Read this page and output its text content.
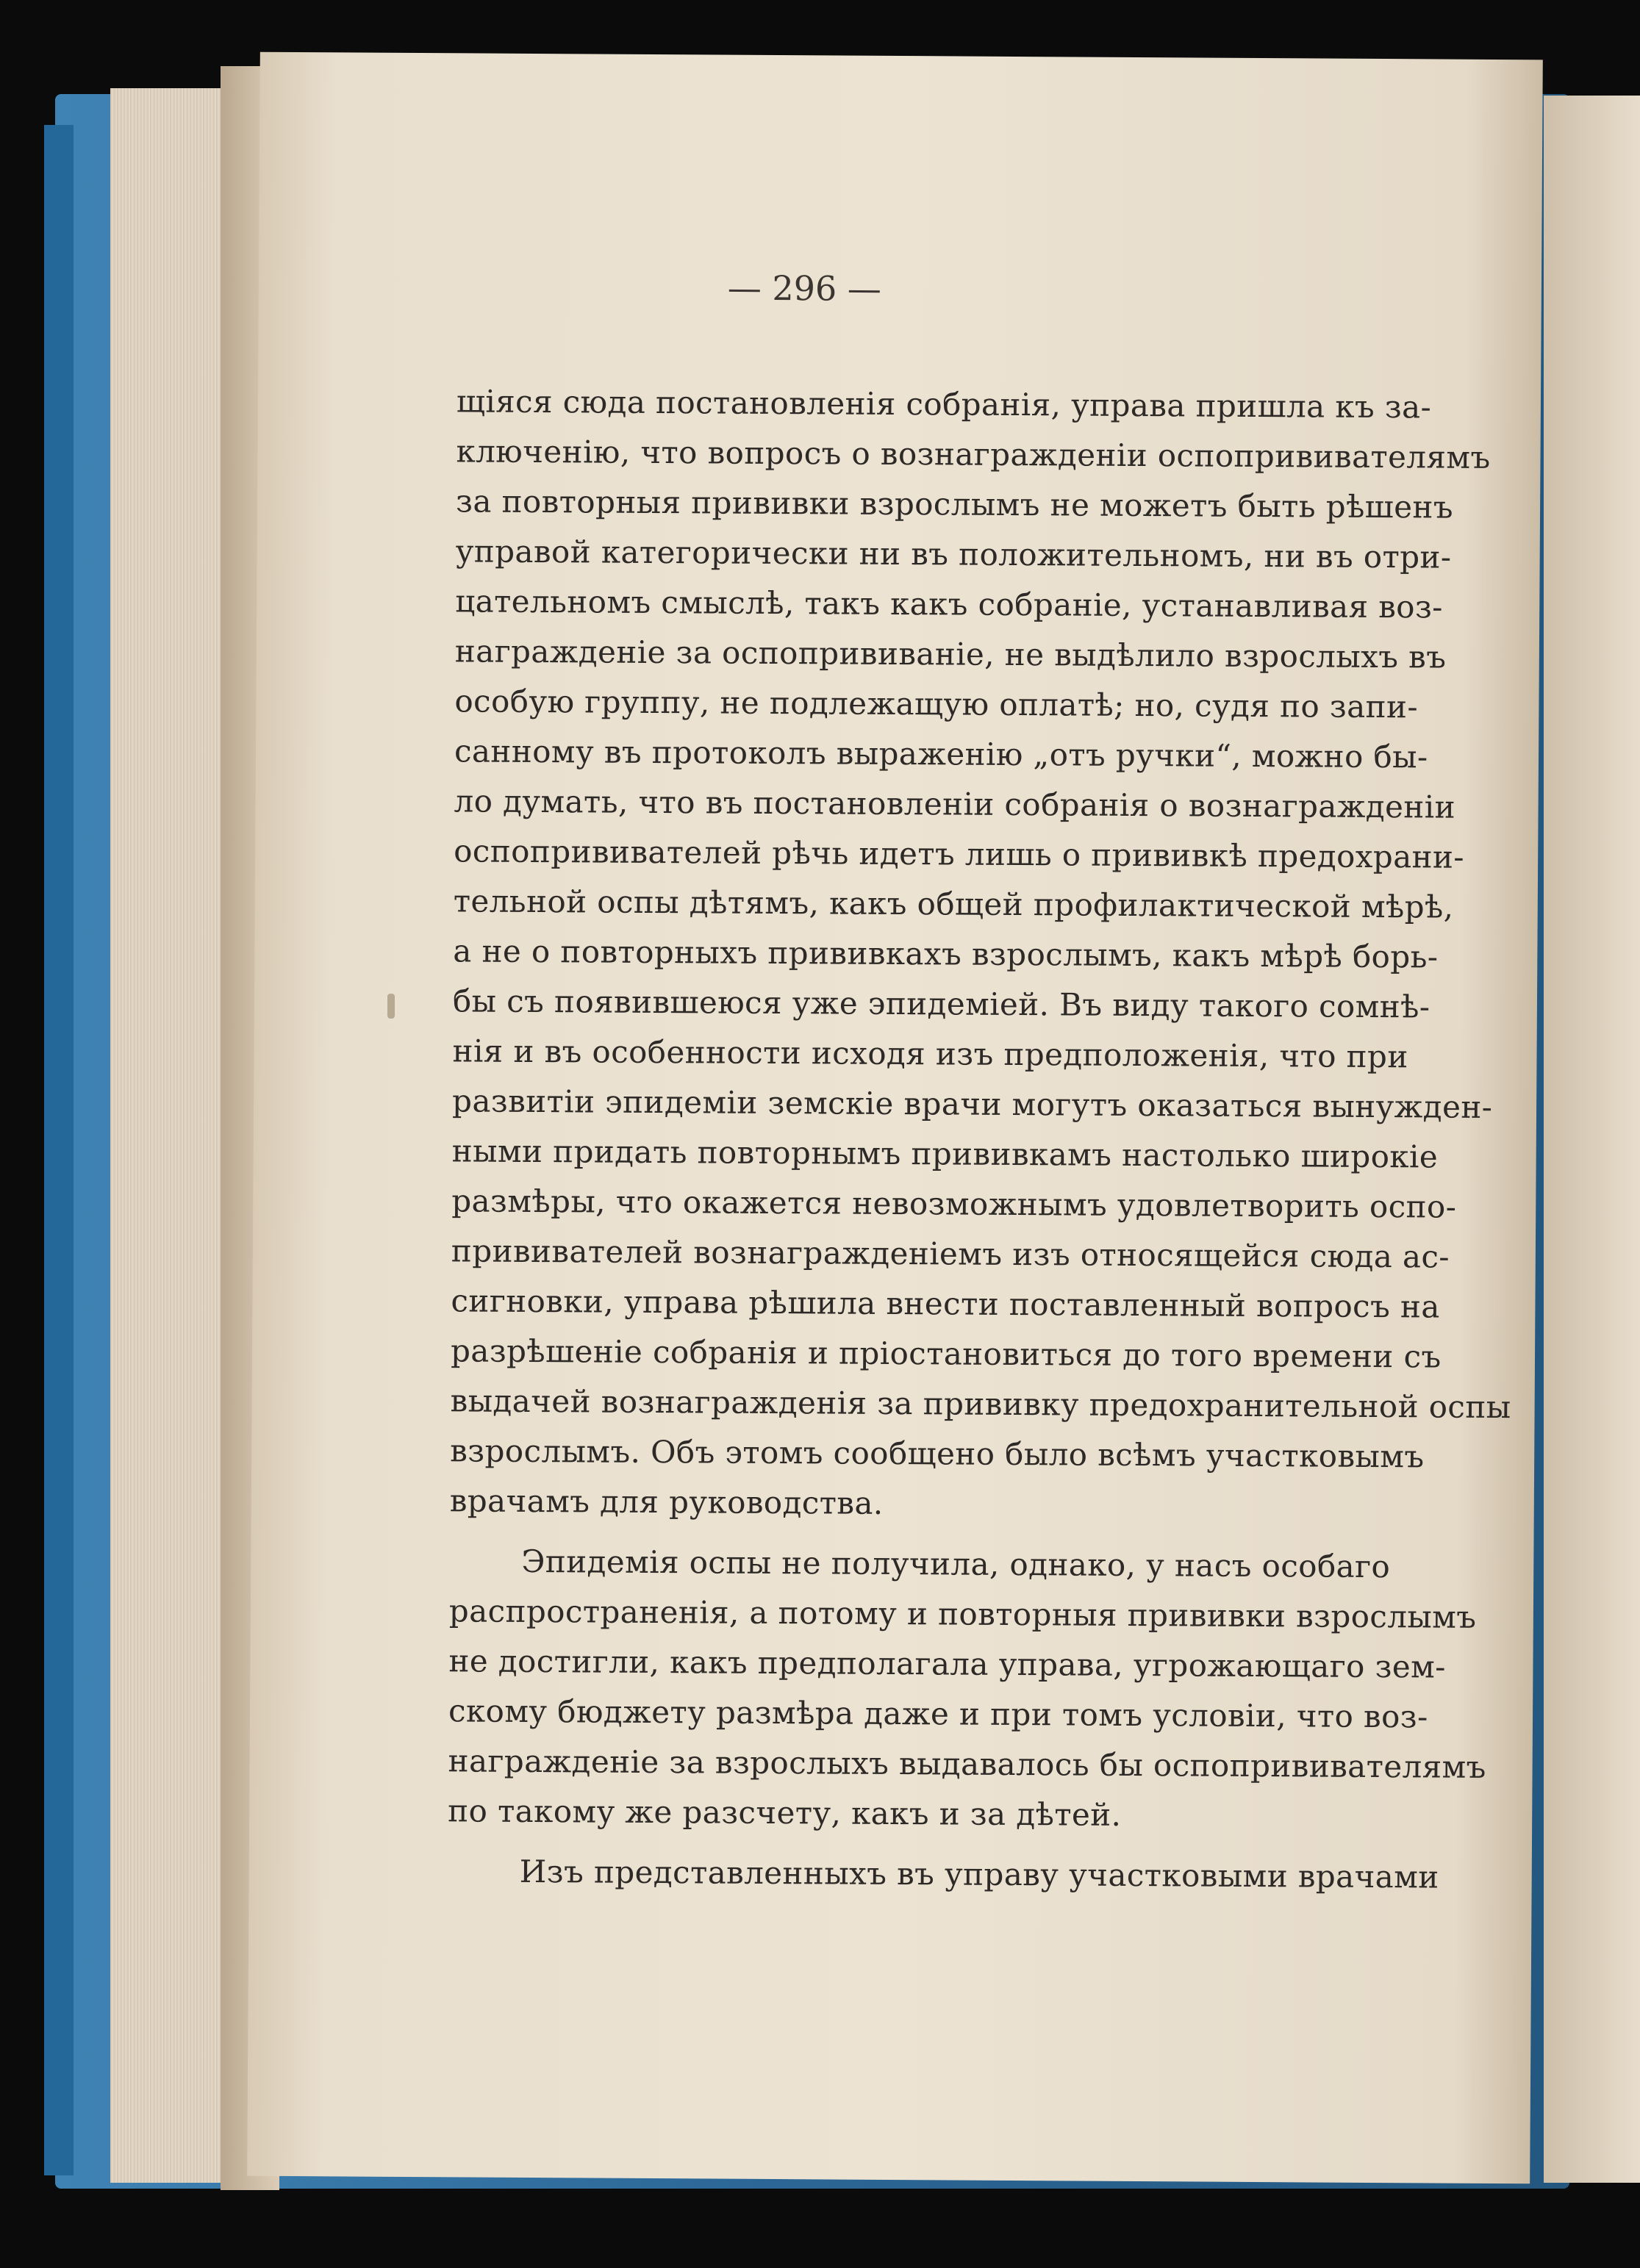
— 296 —
щіяся сюда постановленія собранія, управа пришла къ за-
ключенію, что вопросъ о вознагражденіи оспопрививателямъ
за повторныя прививки взрослымъ не можетъ быть рѣшенъ
управой категорически ни въ положительномъ, ни въ отри-
цательномъ смыслѣ, такъ какъ собраніе, устанавливая воз-
награжденіе за оспопрививаніе, не выдѣлило взрослыхъ въ
особую группу, не подлежащую оплатѣ; но, судя по запи-
санному въ протоколъ выраженію „отъ ручки“, можно бы-
ло думать, что въ постановленіи собранія о вознагражденіи
оспопрививателей рѣчь идетъ лишь о прививкѣ предохрани-
тельной оспы дѣтямъ, какъ общей профилактической мѣрѣ,
а не о повторныхъ прививкахъ взрослымъ, какъ мѣрѣ борь-
бы съ появившеюся уже эпидеміей. Въ виду такого сомнѣ-
нія и въ особенности исходя изъ предположенія, что при
развитіи эпидеміи земскіе врачи могутъ оказаться вынужден-
ными придать повторнымъ прививкамъ настолько широкіе
размѣры, что окажется невозможнымъ удовлетворить оспо-
прививателей вознагражденіемъ изъ относящейся сюда ас-
сигновки, управа рѣшила внести поставленный вопросъ на
разрѣшеніе собранія и пріостановиться до того времени съ
выдачей вознагражденія за прививку предохранительной оспы
взрослымъ. Объ этомъ сообщено было всѣмъ участковымъ
врачамъ для руководства.
Эпидемія оспы не получила, однако, у насъ особаго
распространенія, а потому и повторныя прививки взрослымъ
не достигли, какъ предполагала управа, угрожающаго зем-
скому бюджету размѣра даже и при томъ условіи, что воз-
награжденіе за взрослыхъ выдавалось бы оспопрививателямъ
по такому же разсчету, какъ и за дѣтей.
Изъ представленныхъ въ управу участковыми врачами
